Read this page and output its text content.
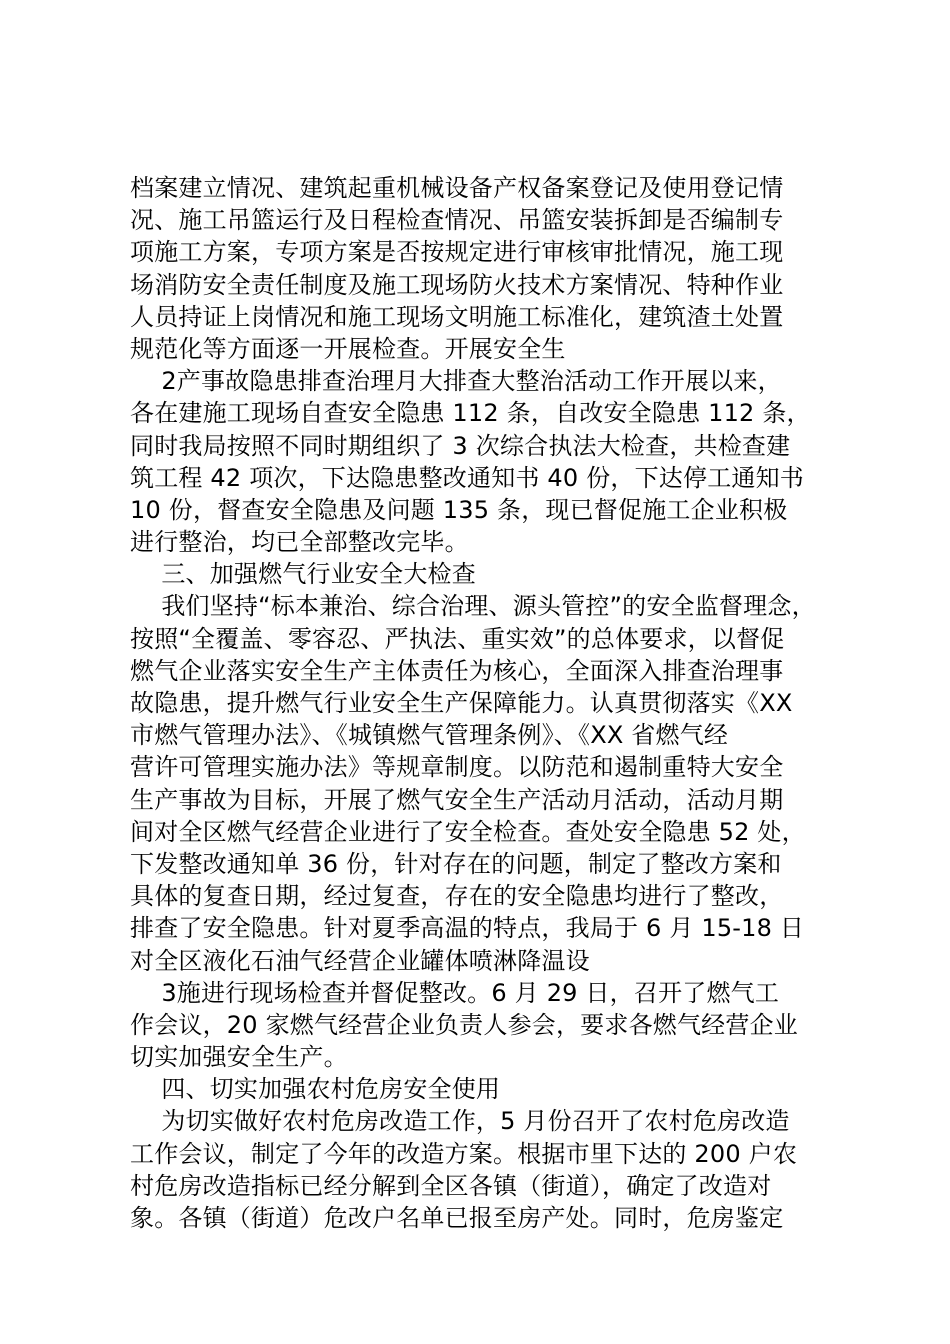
档案建立情况、建筑起重机械设备产权备案登记及使用登记情
况、施工吊篮运行及日程检查情况、吊篮安装拆卸是否编制专
项施工方案，专项方案是否按规定进行审核审批情况，施工现
场消防安全责任制度及施工现场防火技术方案情况、特种作业
人员持证上岗情况和施工现场文明施工标准化，建筑渣土处置
规范化等方面逐一开展检查。开展安全生
2产事故隐患排查治理月大排查大整治活动工作开展以来，
各在建施工现场自查安全隐患 112 条，自改安全隐患 112 条，
同时我局按照不同时期组织了 3 次综合执法大检查，共检查建
筑工程 42 项次，下达隐患整改通知书 40 份，下达停工通知书
10 份，督查安全隐患及问题 135 条，现已督促施工企业积极
进行整治，均已全部整改完毕。
三、加强燃气行业安全大检查
我们坚持“标本兼治、综合治理、源头管控”的安全监督理念，
按照“全覆盖、零容忍、严执法、重实效”的总体要求，以督促
燃气企业落实安全生产主体责任为核心，全面深入排查治理事
故隐患，提升燃气行业安全生产保障能力。认真贯彻落实《XX
市燃气管理办法》、《城镇燃气管理条例》、《XX 省燃气经
营许可管理实施办法》等规章制度。以防范和遏制重特大安全
生产事故为目标，开展了燃气安全生产活动月活动，活动月期
间对全区燃气经营企业进行了安全检查。查处安全隐患 52 处，
下发整改通知单 36 份，针对存在的问题，制定了整改方案和
具体的复查日期，经过复查，存在的安全隐患均进行了整改，
排查了安全隐患。针对夏季高温的特点，我局于 6 月 15-18 日
对全区液化石油气经营企业罐体喷淋降温设
3施进行现场检查并督促整改。6 月 29 日，召开了燃气工
作会议，20 家燃气经营企业负责人参会，要求各燃气经营企业
切实加强安全生产。
四、切实加强农村危房安全使用
为切实做好农村危房改造工作，5 月份召开了农村危房改造
工作会议，制定了今年的改造方案。根据市里下达的 200 户农
村危房改造指标已经分解到全区各镇（街道），确定了改造对
象。各镇（街道）危改户名单已报至房产处。同时，危房鉴定
